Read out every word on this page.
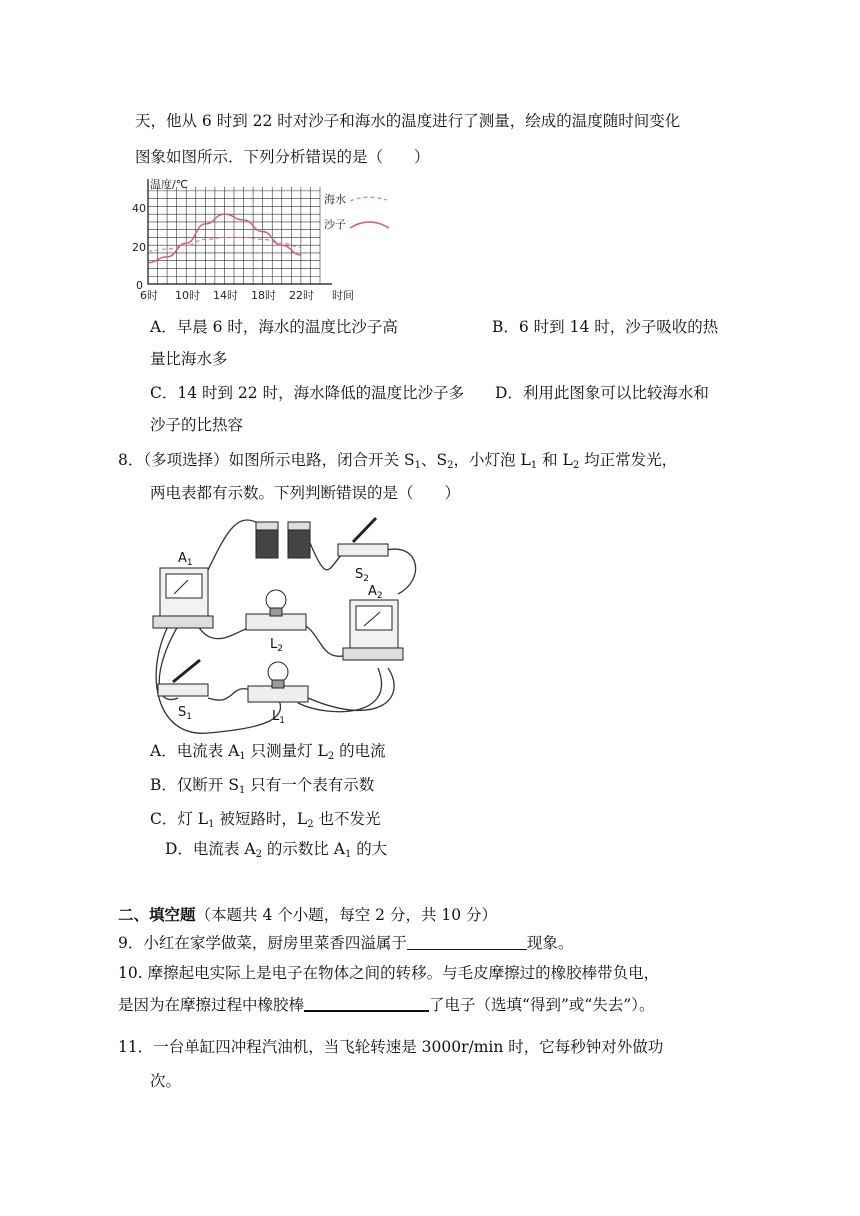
天，他从 6 时到 22 时对沙子和海水的温度进行了测量，绘成的温度随时间变化
图象如图所示．下列分析错误的是（　　）
温度/℃
时间
40
20
0
6时 10时 14时 18时 22时
海水
沙子
A．早晨 6 时，海水的温度比沙子高	B．6 时到 14 时，沙子吸收的热
量比海水多
C．14 时到 22 时，海水降低的温度比沙子多 D．利用此图象可以比较海水和
沙子的比热容
8．（多项选择）如图所示电路，闭合开关 $S_1$、$S_2$，小灯泡 $L_1$ 和 $L_2$ 均正常发光，
两电表都有示数。下列判断错误的是（　　）
$S_2$
$A_1$
$A_2$
$L_2$
$S_1$	$L_1$
A．电流表 $A_1$ 只测量灯 $L_2$ 的电流
B．仅断开 $S_1$ 只有一个表有示数
C．灯 $L_1$ 被短路时，$L_2$ 也不发光
D．电流表 $A_2$ 的示数比 $A_1$ 的大
二、填空题（本题共 4 个小题，每空 2 分，共 10 分）
9．小红在家学做菜，厨房里菜香四溢属于	现象。
10. 摩擦起电实际上是电子在物体之间的转移。与毛皮摩擦过的橡胶棒带负电，
是因为在摩擦过程中橡胶棒	了电子（选填“得到”或“失去”）。
11．一台单缸四冲程汽油机，当飞轮转速是 3000r/min 时，它每秒钟对外做功
次。
